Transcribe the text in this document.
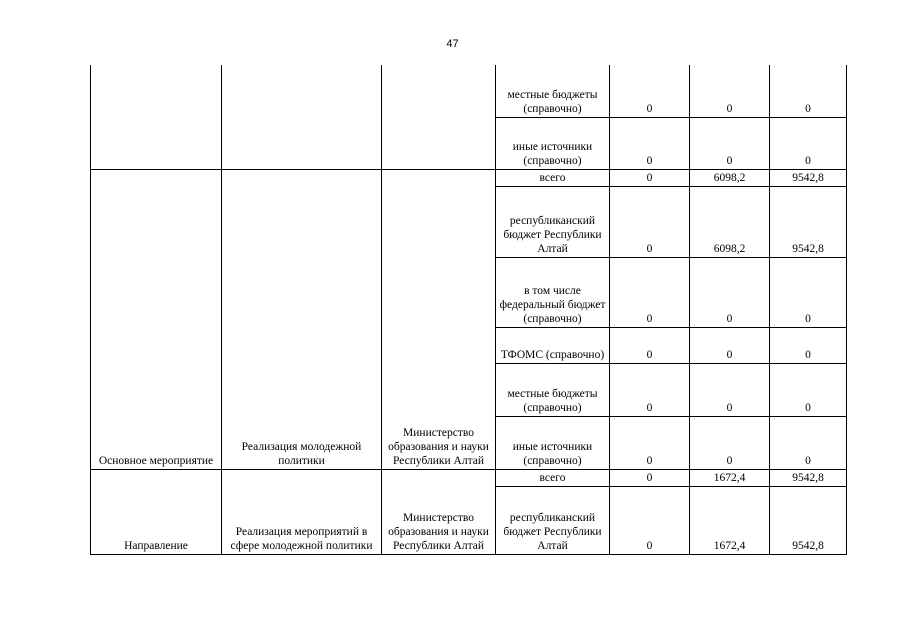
47
			местные бюджеты (справочно)	0	0	0
			иные источники (справочно)	0	0	0
Основное мероприятие	Реализация молодежной политики	Министерство образования и науки Республики Алтай	всего	0	6098,2	9542,8
			республиканский бюджет Республики Алтай	0	6098,2	9542,8
			в том числе федеральный бюджет (справочно)	0	0	0
			ТФОМС (справочно)	0	0	0
			местные бюджеты (справочно)	0	0	0
			иные источники (справочно)	0	0	0
Направление	Реализация мероприятий в сфере молодежной политики	Министерство образования и науки Республики Алтай	всего	0	1672,4	9542,8
			республиканский бюджет Республики Алтай	0	1672,4	9542,8
